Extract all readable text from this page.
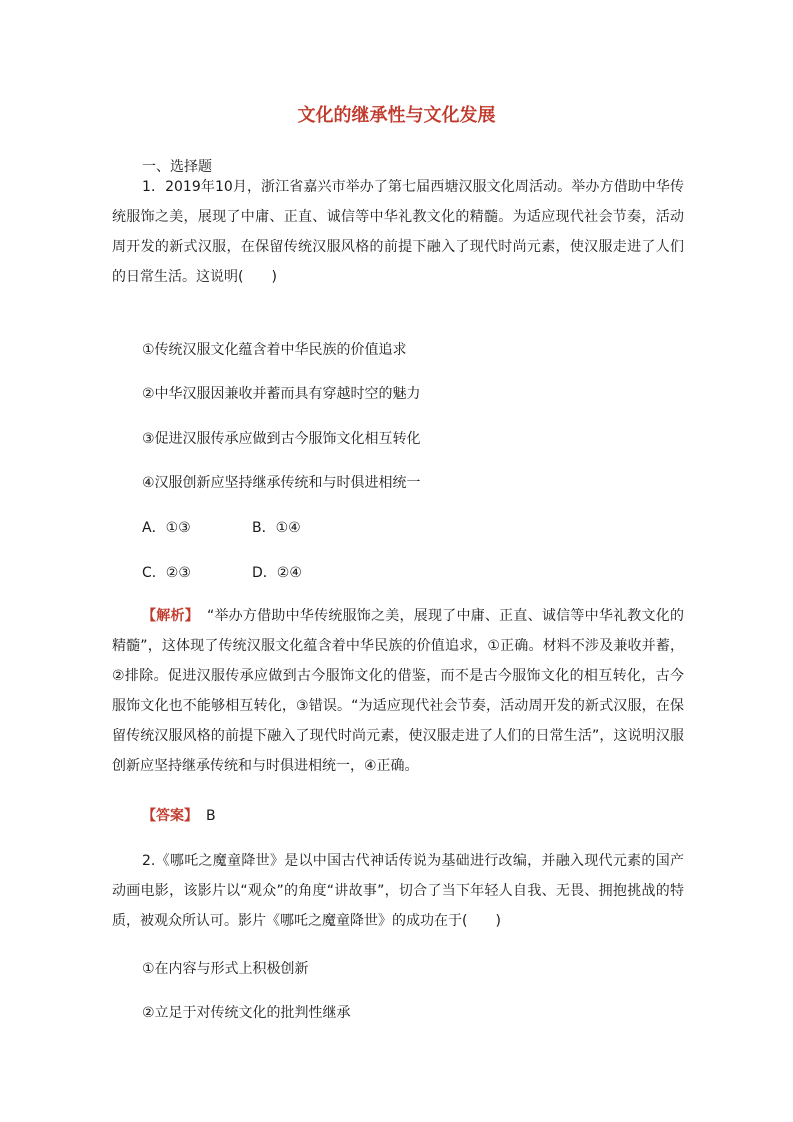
文化的继承性与文化发展
一、选择题

1．2019年10月，浙江省嘉兴市举办了第七届西塘汉服文化周活动。举办方借助中华传统服饰之美，展现了中庸、正直、诚信等中华礼教文化的精髓。为适应现代社会节奏，活动周开发的新式汉服，在保留传统汉服风格的前提下融入了现代时尚元素，使汉服走进了人们的日常生活。这说明(　　)

①传统汉服文化蕴含着中华民族的价值追求
②中华汉服因兼收并蓄而具有穿越时空的魅力
③促进汉服传承应做到古今服饰文化相互转化
④汉服创新应坚持继承传统和与时俱进相统一
A．①③	B．①④
C．②③	D．②④

【解析】 “举办方借助中华传统服饰之美，展现了中庸、正直、诚信等中华礼教文化的精髓”，这体现了传统汉服文化蕴含着中华民族的价值追求，①正确。材料不涉及兼收并蓄，②排除。促进汉服传承应做到古今服饰文化的借鉴，而不是古今服饰文化的相互转化，古今服饰文化也不能够相互转化，③错误。“为适应现代社会节奏，活动周开发的新式汉服，在保留传统汉服风格的前提下融入了现代时尚元素，使汉服走进了人们的日常生活”，这说明汉服创新应坚持继承传统和与时俱进相统一，④正确。

【答案】 B

2.《哪吒之魔童降世》是以中国古代神话传说为基础进行改编，并融入现代元素的国产动画电影，该影片以“观众”的角度“讲故事”，切合了当下年轻人自我、无畏、拥抱挑战的特质，被观众所认可。影片《哪吒之魔童降世》的成功在于(　　)

①在内容与形式上积极创新
②立足于对传统文化的批判性继承
